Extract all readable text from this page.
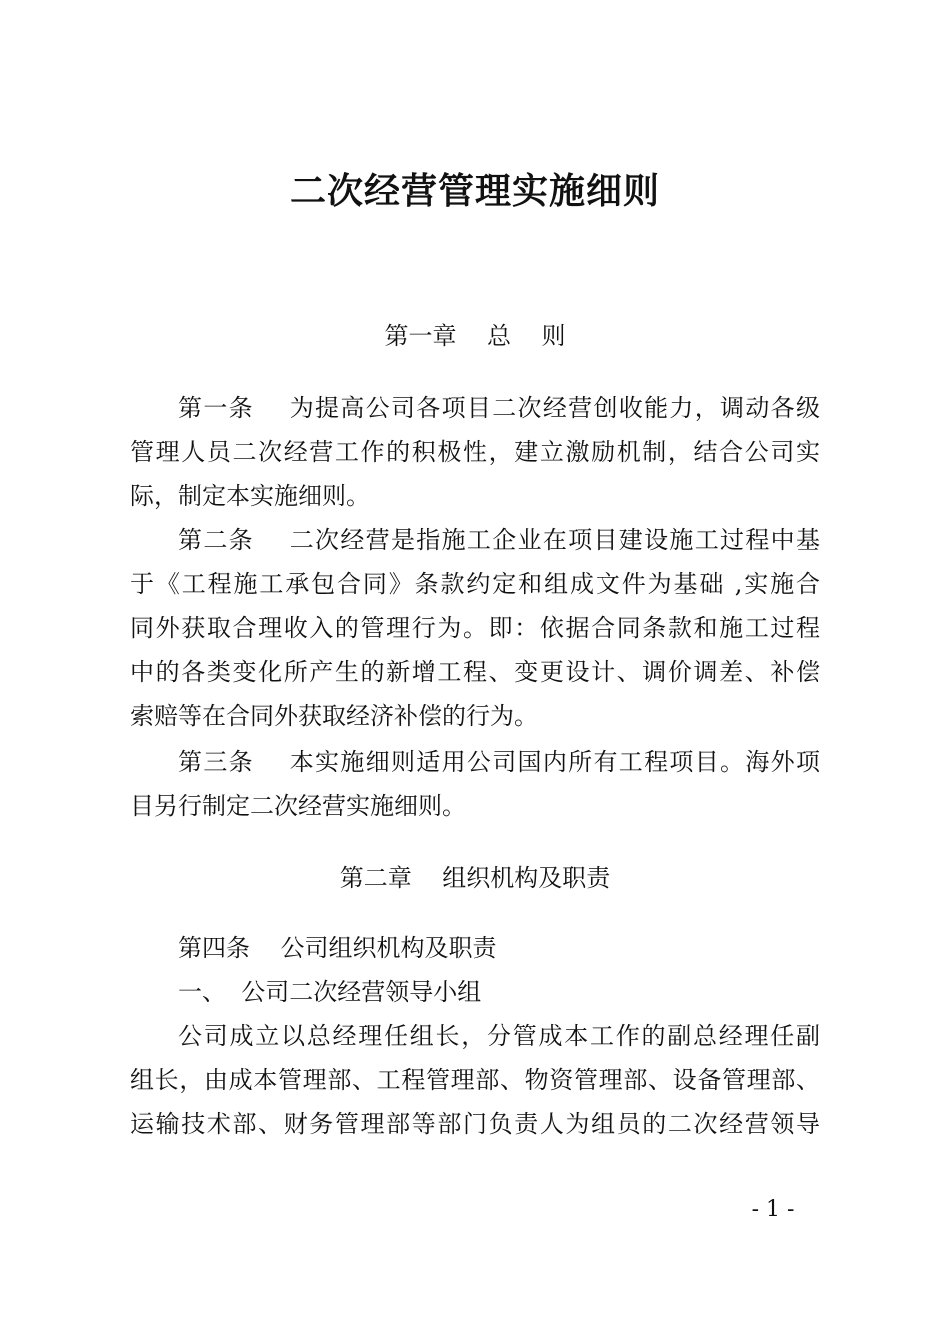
二次经营管理实施细则

第一章    总    则

第一条    为提高公司各项目二次经营创收能力，调动各级

管理人员二次经营工作的积极性，建立激励机制，结合公司实

际，制定本实施细则。

第二条    二次经营是指施工企业在项目建设施工过程中基

于《工程施工承包合同》条款约定和组成文件为基础 ,实施合

同外获取合理收入的管理行为。即：依据合同条款和施工过程

中的各类变化所产生的新增工程、变更设计、调价调差、补偿

索赔等在合同外获取经济补偿的行为。

第三条    本实施细则适用公司国内所有工程项目。海外项

目另行制定二次经营实施细则。

第二章    组织机构及职责

第四条    公司组织机构及职责

一、  公司二次经营领导小组

公司成立以总经理任组长，分管成本工作的副总经理任副

组长，由成本管理部、工程管理部、物资管理部、设备管理部、

运输技术部、财务管理部等部门负责人为组员的二次经营领导

- 1 -
